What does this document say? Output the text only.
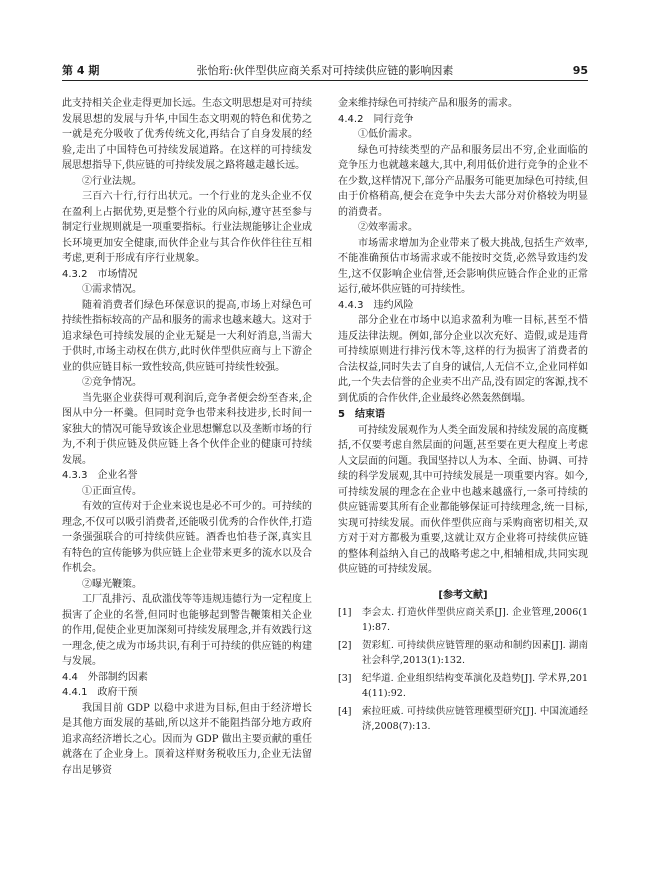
第 4 期	张怡珩:伙伴型供应商关系对可持续供应链的影响因素	95

此支持相关企业走得更加长远。生态文明思想是对可持续发展思想的发展与升华,中国生态文明观的特色和优势之一就是充分吸收了优秀传统文化,再结合了自身发展的经验,走出了中国特色可持续发展道路。在这样的可持续发展思想指导下,供应链的可持续发展之路将越走越长远。

②行业法规。

三百六十行,行行出状元。一个行业的龙头企业不仅在盈利上占据优势,更是整个行业的风向标,遵守甚至参与制定行业规则就是一项重要指标。行业法规能够让企业成长环境更加安全健康,而伙伴企业与其合作伙伴往往互相考虑,更利于形成有序行业规象。

4.3.2　市场情况

①需求情况。

随着消费者们绿色环保意识的提高,市场上对绿色可持续性指标较高的产品和服务的需求也越来越大。这对于追求绿色可持续发展的企业无疑是一大利好消息,当需大于供时,市场主动权在供方,此时伙伴型供应商与上下游企业的供应链目标一致性较高,供应链可持续性较强。

②竞争情况。

当先驱企业获得可观利润后,竞争者便会纷至杳来,企图从中分一杯羹。但同时竞争也带来科技进步,长时间一家独大的情况可能导致该企业思想懈怠以及垄断市场的行为,不利于供应链及供应链上各个伙伴企业的健康可持续发展。

4.3.3　企业名誉

①正面宣传。

有效的宣传对于企业来说也是必不可少的。可持续的理念,不仅可以吸引消费者,还能吸引优秀的合作伙伴,打造一条强强联合的可持续供应链。酒香也怕巷子深,真实且有特色的宣传能够为供应链上企业带来更多的流水以及合作机会。

②曝光鞭策。

工厂乱排污、乱砍滥伐等等违规违德行为一定程度上损害了企业的名誉,但同时也能够起到警告鞭策相关企业的作用,促使企业更加深刻可持续发展理念,并有效践行这一理念,使之成为市场共识,有利于可持续的供应链的构建与发展。

4.4　外部制约因素
4.4.1　政府干预

我国目前 GDP 以稳中求进为目标,但由于经济增长是其他方面发展的基础,所以这并不能阻挡部分地方政府追求高经济增长之心。因而为 GDP 做出主要贡献的重任就落在了企业身上。顶着这样财务税收压力,企业无法留存出足够资

金来维持绿色可持续产品和服务的需求。

4.4.2　同行竞争

①低价需求。

绿色可持续类型的产品和服务层出不穷,企业面临的竞争压力也就越来越大,其中,利用低价进行竞争的企业不在少数,这样情况下,部分产品服务可能更加绿色可持续,但由于价格稍高,便会在竞争中失去大部分对价格较为明显的消费者。

②效率需求。

市场需求增加为企业带来了极大挑战,包括生产效率,不能准确预估市场需求或不能按时交货,必然导致违约发生,这不仅影响企业信誉,还会影响供应链合作企业的正常运行,破坏供应链的可持续性。

4.4.3　违约风险

部分企业在市场中以追求盈利为唯一目标,甚至不惜违反法律法规。例如,部分企业以次充好、造假,或是违背可持续原则进行排污伐木等,这样的行为损害了消费者的合法权益,同时失去了自身的诚信,人无信不立,企业同样如此,一个失去信誉的企业卖不出产品,没有固定的客源,找不到优质的合作伙伴,企业最终必然轰然倒塌。

5　结束语

可持续发展观作为人类全面发展和持续发展的高度概括,不仅要考虑自然层面的问题,甚至要在更大程度上考虑人文层面的问题。我国坚持以人为本、全面、协调、可持续的科学发展观,其中可持续发展是一项重要内容。如今,可持续发展的理念在企业中也越来越盛行,一条可持续的供应链需要其所有企业都能够保证可持续理念,统一目标,实现可持续发展。而伙伴型供应商与采购商密切相关,双方对于对方都极为重要,这就让双方企业将可持续供应链的整体利益纳入自己的战略考虑之中,相辅相成,共同实现供应链的可持续发展。

[参考文献]
[1]	李会太. 打造伙伴型供应商关系[J]. 企业管理,2006(11):87.
[2]	贺彩虹. 可持续供应链管理的驱动和制约因素[J]. 湖南社会科学,2013(1):132.
[3]	纪华道. 企业组织结构变革演化及趋势[J]. 学术界,2014(11):92.
[4]	索拉旺威. 可持续供应链管理模型研究[J]. 中国流通经济,2008(7):13.
